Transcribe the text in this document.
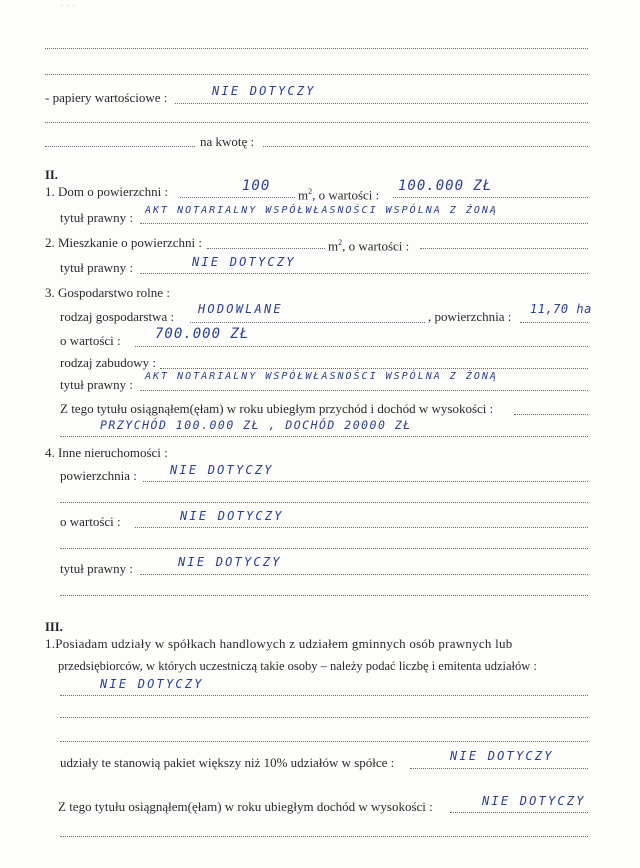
· · ·
- papiery wartościowe :	NIE DOTYCZY
na kwotę :
II.
1. Dom o powierzchni :	100
$m^2$, o wartości :
100.000 ZŁ
tytuł prawny : AKT NOTARIALNY WSPÓŁWŁASNOŚCI WSPÓLNA Z ŻONĄ
2. Mieszkanie o powierzchni :	$m^2$, o wartości :
tytuł prawny :	NIE DOTYCZY
3. Gospodarstwo rolne :
rodzaj gospodarstwa : HODOWLANE	, powierzchnia : 11,70 ha
o wartości : 700.000 ZŁ
rodzaj zabudowy :
tytuł prawny :
AKT NOTARIALNY WSPÓŁWŁASNOŚCI WSPÓLNA Z ŻONĄ
Z tego tytułu osiągnąłem(ęłam) w roku ubiegłym przychód i dochód w wysokości :
PRZYCHÓD 100.000 ZŁ , DOCHÓD 20000 ZŁ
4. Inne nieruchomości :
powierzchnia :	NIE DOTYCZY
o wartości :	NIE DOTYCZY
tytuł prawny :	NIE DOTYCZY
III.
1.Posiadam udziały w spółkach handlowych z udziałem gminnych osób prawnych lub
przedsiębiorców, w których uczestniczą takie osoby – należy podać liczbę i emitenta udziałów :
NIE DOTYCZY
udziały te stanowią pakiet większy niż 10% udziałów w spółce :	NIE DOTYCZY
Z tego tytułu osiągnąłem(ęłam) w roku ubiegłym dochód w wysokości :	NIE DOTYCZY
